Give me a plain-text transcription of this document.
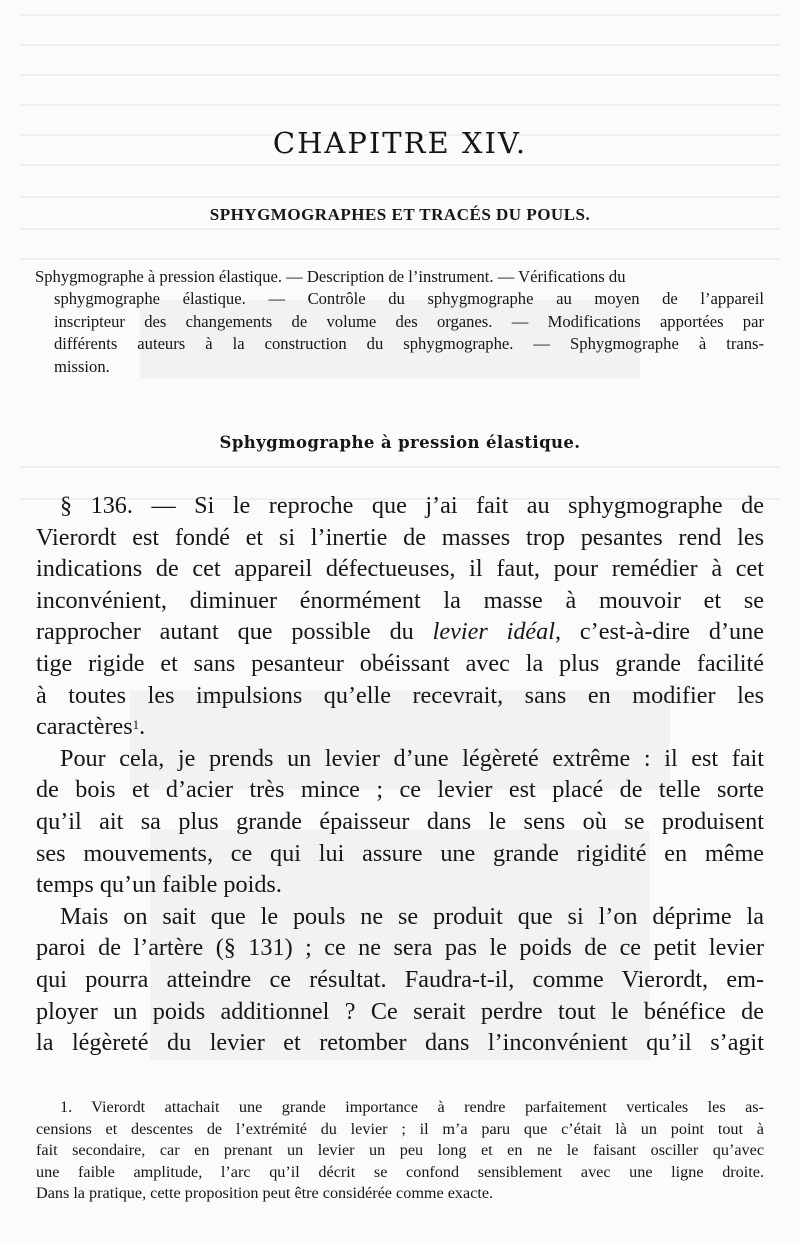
CHAPITRE XIV.
SPHYGMOGRAPHES ET TRACÉS DU POULS.
Sphygmographe à pression élastique. — Description de l’instrument. — Vérifications du
sphygmographe élastique. — Contrôle du sphygmographe au moyen de l’appareil
inscripteur des changements de volume des organes. — Modifications apportées par
différents auteurs à la construction du sphygmographe. — Sphygmographe à trans-
mission.
Sphygmographe à pression élastique.
§ 136. — Si le reproche que j’ai fait au sphygmographe de
Vierordt est fondé et si l’inertie de masses trop pesantes rend les
indications de cet appareil défectueuses, il faut, pour remédier à cet
inconvénient, diminuer énormément la masse à mouvoir et se
rapprocher autant que possible du levier idéal, c’est-à-dire d’une
tige rigide et sans pesanteur obéissant avec la plus grande facilité
à toutes les impulsions qu’elle recevrait, sans en modifier les
caractères$^1$.
Pour cela, je prends un levier d’une légèreté extrême : il est fait
de bois et d’acier très mince ; ce levier est placé de telle sorte
qu’il ait sa plus grande épaisseur dans le sens où se produisent
ses mouvements, ce qui lui assure une grande rigidité en même
temps qu’un faible poids.
Mais on sait que le pouls ne se produit que si l’on déprime la
paroi de l’artère (§ 131) ; ce ne sera pas le poids de ce petit levier
qui pourra atteindre ce résultat. Faudra-t-il, comme Vierordt, em-
ployer un poids additionnel ? Ce serait perdre tout le bénéfice de
la légèreté du levier et retomber dans l’inconvénient qu’il s’agit
1. Vierordt attachait une grande importance à rendre parfaitement verticales les as-
censions et descentes de l’extrémité du levier ; il m’a paru que c’était là un point tout à
fait secondaire, car en prenant un levier un peu long et en ne le faisant osciller qu’avec
une faible amplitude, l’arc qu’il décrit se confond sensiblement avec une ligne droite.
Dans la pratique, cette proposition peut être considérée comme exacte.
